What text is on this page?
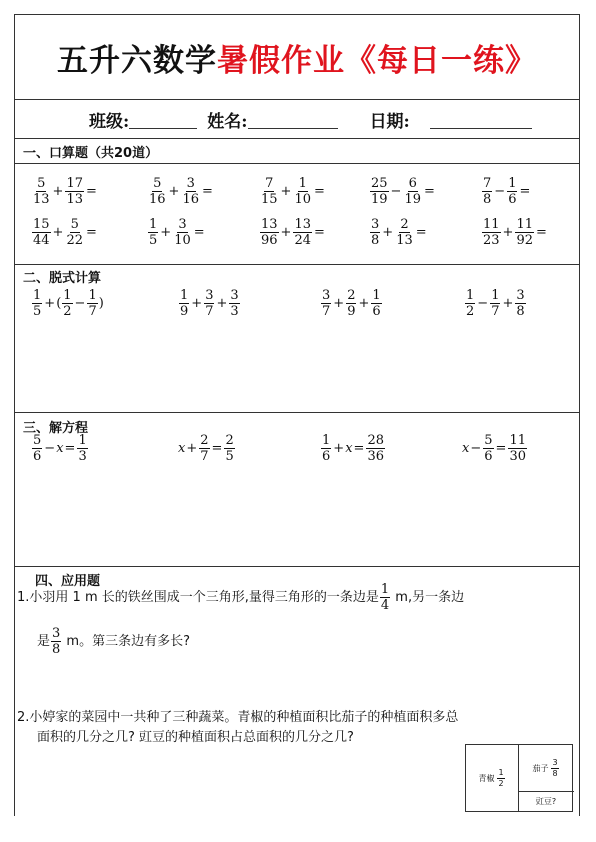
五升六数学 暑假作业《每日一练》
班级:	姓名:	日期:
一、口算题（共20道）
$\frac{5}{13} + \frac{17}{13}$ =	$\frac{5}{16} + \frac{3}{16}$ =	$\frac{7}{15} + \frac{1}{10}$ =	$\frac{25}{19} - \frac{6}{19}$ =	$\frac{7}{8} - \frac{1}{6}$ =
$\frac{15}{44} + \frac{5}{22}$ =	$\frac{1}{5} + \frac{3}{10}$ =	$\frac{13}{96} + \frac{13}{24}$ =	$\frac{3}{8} + \frac{2}{13}$ =	$\frac{11}{23} + \frac{11}{92}$ =
二、脱式计算
$\frac{1}{5}$ +( $\frac{1}{2} - \frac{1}{7}$ )	$\frac{1}{9} + \frac{3}{7} + \frac{3}{3}$	$\frac{3}{7} + \frac{2}{9} + \frac{1}{6}$	$\frac{1}{2} - \frac{1}{7} + \frac{3}{8}$
三、解方程
$\frac{5}{6} -x= \frac{1}{3}$	$x+ \frac{2}{7} = \frac{2}{5}$	$\frac{1}{6} +x= \frac{28}{36}$	$x- \frac{5}{6} = \frac{11}{30}$
四、应用题
1.小羽用 1 m 长的铁丝围成一个三角形,量得三角形的一条边是 $\frac{1}{4} m$,另一条边
是 $\frac{3}{8}$ m。第三条边有多长?
2.小婷家的菜园中一共种了三种蔬菜。青椒的种植面积比茄子的种植面积多总
面积的几分之几? 豇豆的种植面积占总面积的几分之几?
青椒 $\frac{1}{2}$
茄子 $\frac{3}{8}$
豇豆?
